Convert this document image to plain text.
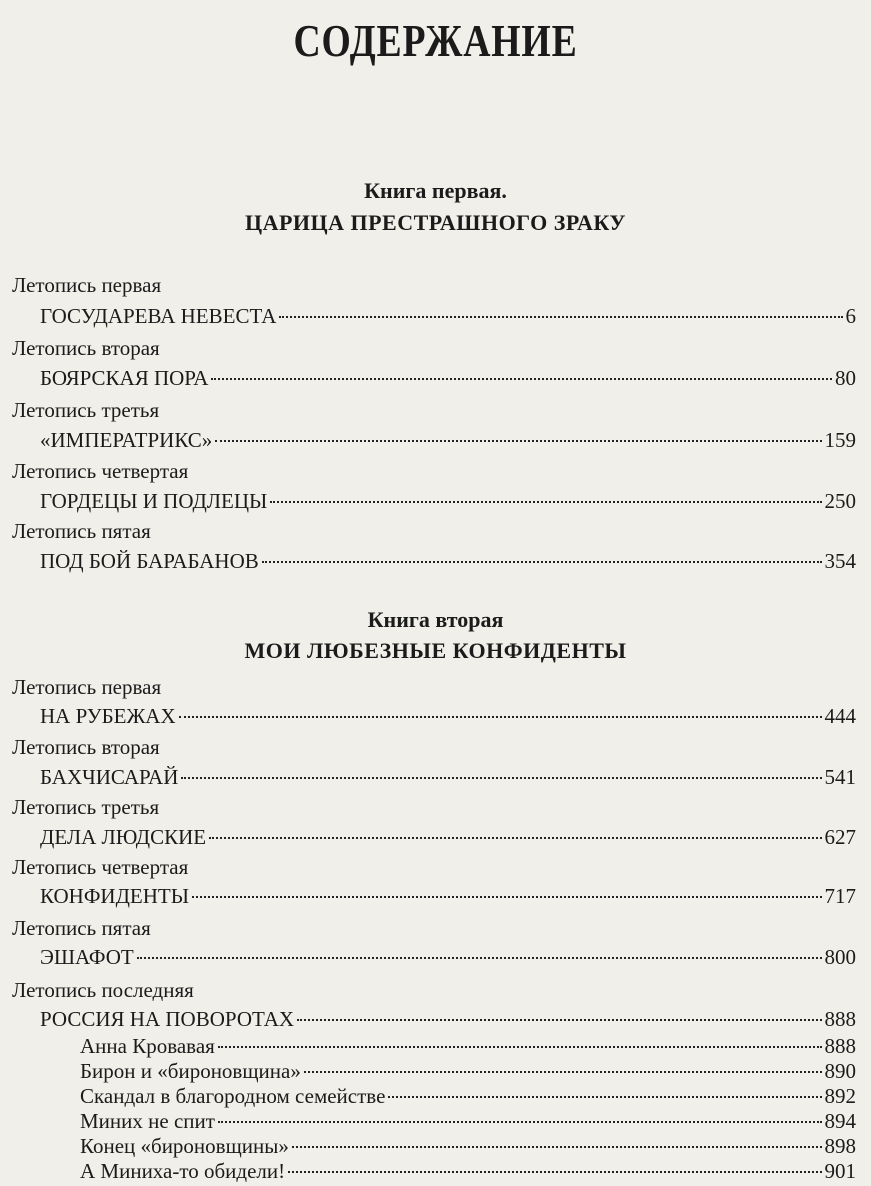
СОДЕРЖАНИЕ
Книга первая.
ЦАРИЦА ПРЕСТРАШНОГО ЗРАКУ
Летопись первая
ГОСУДАРЕВА НЕВЕСТА	6
Летопись вторая
БОЯРСКАЯ ПОРА	80
Летопись третья
«ИМПЕРАТРИКС»	159
Летопись четвертая
ГОРДЕЦЫ И ПОДЛЕЦЫ	250
Летопись пятая
ПОД БОЙ БАРАБАНОВ	354
Книга вторая
МОИ ЛЮБЕЗНЫЕ КОНФИДЕНТЫ
Летопись первая
НА РУБЕЖАХ	444
Летопись вторая
БАХЧИСАРАЙ	541
Летопись третья
ДЕЛА ЛЮДСКИЕ	627
Летопись четвертая
КОНФИДЕНТЫ	717
Летопись пятая
ЭШАФОТ	800
Летопись последняя
РОССИЯ НА ПОВОРОТАХ	888
Анна Кровавая	888
Бирон и «бироновщина»	890
Скандал в благородном семействе	892
Миних не спит	894
Конец «бироновщины»	898
А Миниха-то обидели!	901
